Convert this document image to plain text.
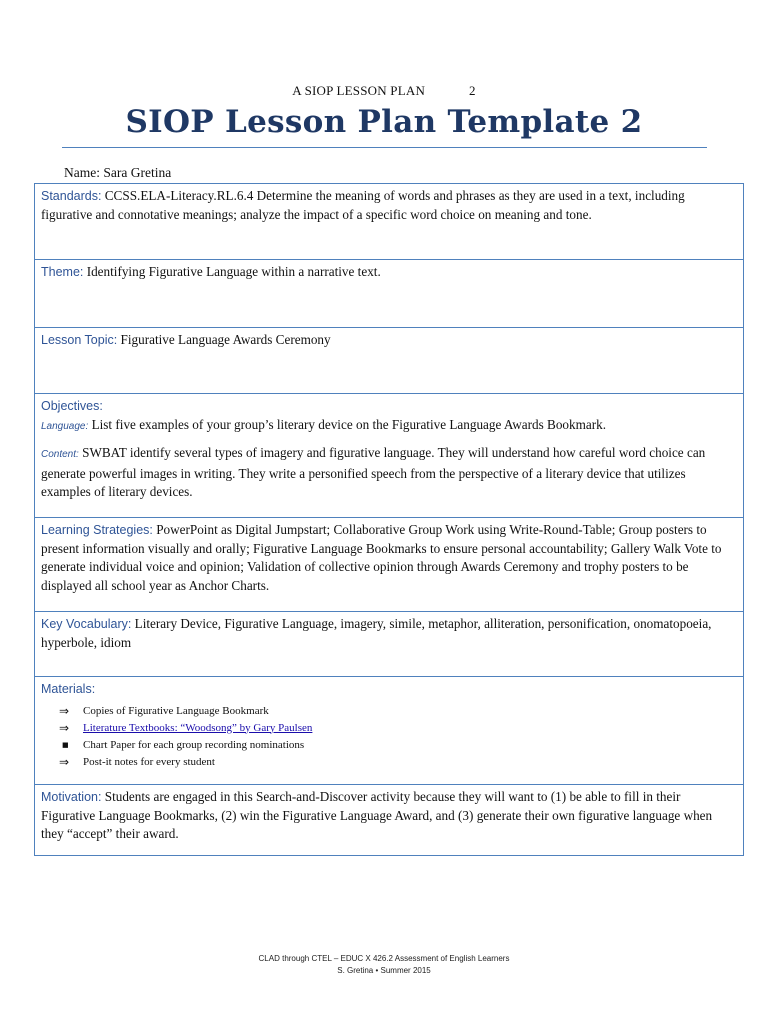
A SIOP LESSON PLAN	2
SIOP Lesson Plan Template 2
Name: Sara Gretina
Standards: CCSS.ELA-Literacy.RL.6.4 Determine the meaning of words and phrases as they are used in a text, including figurative and connotative meanings; analyze the impact of a specific word choice on meaning and tone.
Theme: Identifying Figurative Language within a narrative text.
Lesson Topic: Figurative Language Awards Ceremony
Objectives:
Language: List five examples of your group’s literary device on the Figurative Language Awards Bookmark.
Content: SWBAT identify several types of imagery and figurative language. They will understand how careful word choice can generate powerful images in writing. They write a personified speech from the perspective of a literary device that utilizes examples of literary devices.
Learning Strategies: PowerPoint as Digital Jumpstart; Collaborative Group Work using Write-Round-Table; Group posters to present information visually and orally; Figurative Language Bookmarks to ensure personal accountability; Gallery Walk Vote to generate individual voice and opinion; Validation of collective opinion through Awards Ceremony and trophy posters to be displayed all school year as Anchor Charts.
Key Vocabulary: Literary Device, Figurative Language, imagery, simile, metaphor, alliteration, personification, onomatopoeia, hyperbole, idiom
Materials:
⇒	Copies of Figurative Language Bookmark
⇒	Literature Textbooks: “Woodsong” by Gary Paulsen
■	Chart Paper for each group recording nominations
⇒	Post-it notes for every student
Motivation: Students are engaged in this Search-and-Discover activity because they will want to (1) be able to fill in their Figurative Language Bookmarks, (2) win the Figurative Language Award, and (3) generate their own figurative language when they “accept” their award.
CLAD through CTEL – EDUC X 426.2 Assessment of English Learners
S. Gretina • Summer 2015
